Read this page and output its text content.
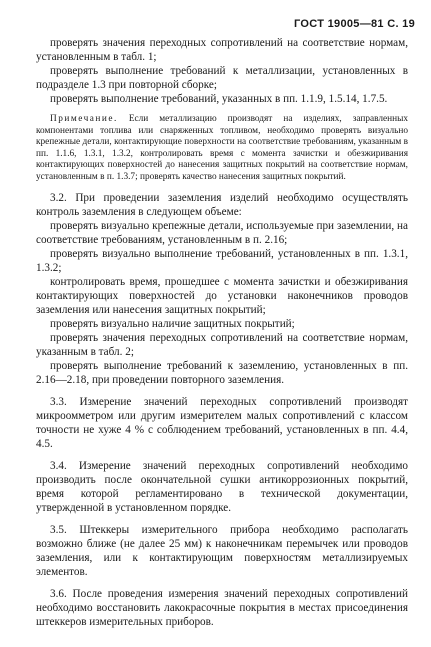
ГОСТ 19005—81 С. 19

проверять значения переходных сопротивлений на соответствие нормам, установленным в табл. 1;

проверять выполнение требований к металлизации, установленных в подразделе 1.3 при повторной сборке;

проверять выполнение требований, указанных в пп. 1.1.9, 1.5.14, 1.7.5.

Примечание. Если металлизацию производят на изделиях, заправленных компонентами топлива или снаряженных топливом, необходимо проверять визуально крепежные детали, контактирующие поверхности на соответствие требованиям, указанным в пп. 1.1.6, 1.3.1, 1.3.2, контролировать время с момента зачистки и обезжиривания контактирующих поверхностей до нанесения защитных покрытий на соответствие нормам, установленным в п. 1.3.7; проверять качество нанесения защитных покрытий.

3.2. При проведении заземления изделий необходимо осуществлять контроль заземления в следующем объеме:

проверять визуально крепежные детали, используемые при заземлении, на соответствие требованиям, установленным в п. 2.16;

проверять визуально выполнение требований, установленных в пп. 1.3.1, 1.3.2;

контролировать время, прошедшее с момента зачистки и обезжиривания контактирующих поверхностей до установки наконечников проводов заземления или нанесения защитных покрытий;

проверять визуально наличие защитных покрытий;

проверять значения переходных сопротивлений на соответствие нормам, указанным в табл. 2;

проверять выполнение требований к заземлению, установленных в пп. 2.16—2.18, при проведении повторного заземления.

3.3. Измерение значений переходных сопротивлений производят микроомметром или другим измерителем малых сопротивлений с классом точности не хуже 4 % с соблюдением требований, установленных в пп. 4.4, 4.5.

3.4. Измерение значений переходных сопротивлений необходимо производить после окончательной сушки антикоррозионных покрытий, время которой регламентировано в технической документации, утвержденной в установленном порядке.

3.5. Штеккеры измерительного прибора необходимо располагать возможно ближе (не далее 25 мм) к наконечникам перемычек или проводов заземления, или к контактирующим поверхностям металлизируемых элементов.

3.6. После проведения измерения значений переходных сопротивлений необходимо восстановить лакокрасочные покрытия в местах присоединения штеккеров измерительных приборов.
